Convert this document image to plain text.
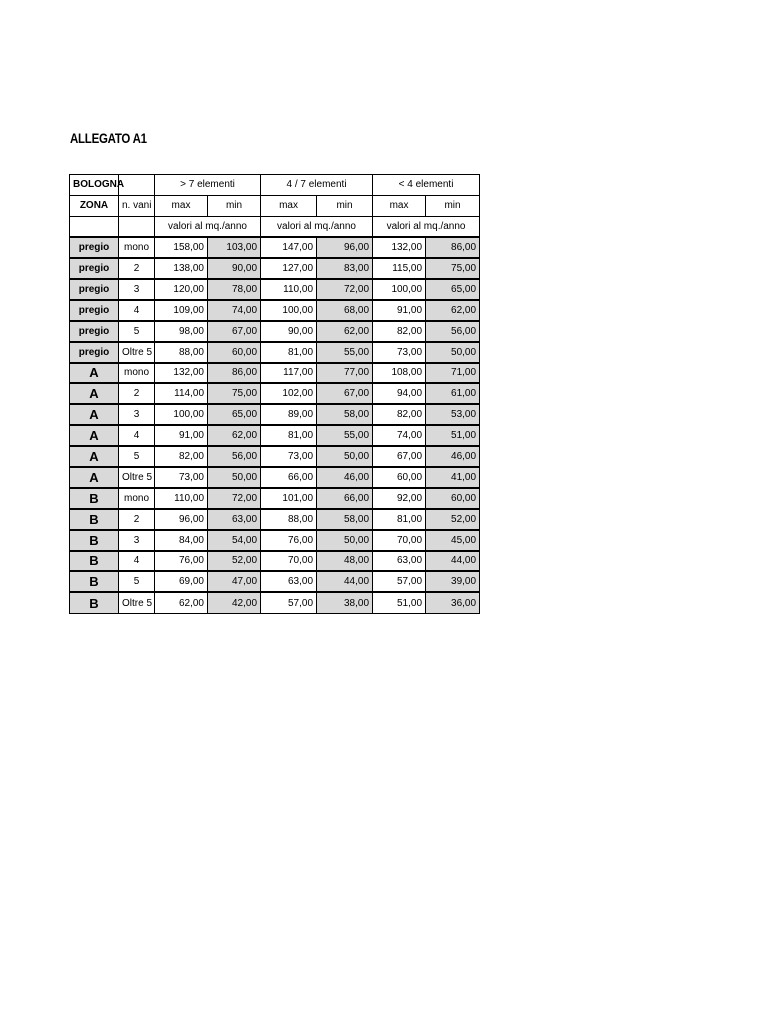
ALLEGATO A1
BOLOGNA		> 7 elementi		4 / 7 elementi		< 4 elementi	
ZONA	n. vani	max	min	max	min	max	min
		valori al mq./anno		valori al mq./anno		valori al mq./anno	
pregio	mono	158,00	103,00	147,00	96,00	132,00	86,00
pregio	2	138,00	90,00	127,00	83,00	115,00	75,00
pregio	3	120,00	78,00	110,00	72,00	100,00	65,00
pregio	4	109,00	74,00	100,00	68,00	91,00	62,00
pregio	5	98,00	67,00	90,00	62,00	82,00	56,00
pregio	Oltre 5	88,00	60,00	81,00	55,00	73,00	50,00
A	mono	132,00	86,00	117,00	77,00	108,00	71,00
A	2	114,00	75,00	102,00	67,00	94,00	61,00
A	3	100,00	65,00	89,00	58,00	82,00	53,00
A	4	91,00	62,00	81,00	55,00	74,00	51,00
A	5	82,00	56,00	73,00	50,00	67,00	46,00
A	Oltre 5	73,00	50,00	66,00	46,00	60,00	41,00
B	mono	110,00	72,00	101,00	66,00	92,00	60,00
B	2	96,00	63,00	88,00	58,00	81,00	52,00
B	3	84,00	54,00	76,00	50,00	70,00	45,00
B	4	76,00	52,00	70,00	48,00	63,00	44,00
B	5	69,00	47,00	63,00	44,00	57,00	39,00
B	Oltre 5	62,00	42,00	57,00	38,00	51,00	36,00
